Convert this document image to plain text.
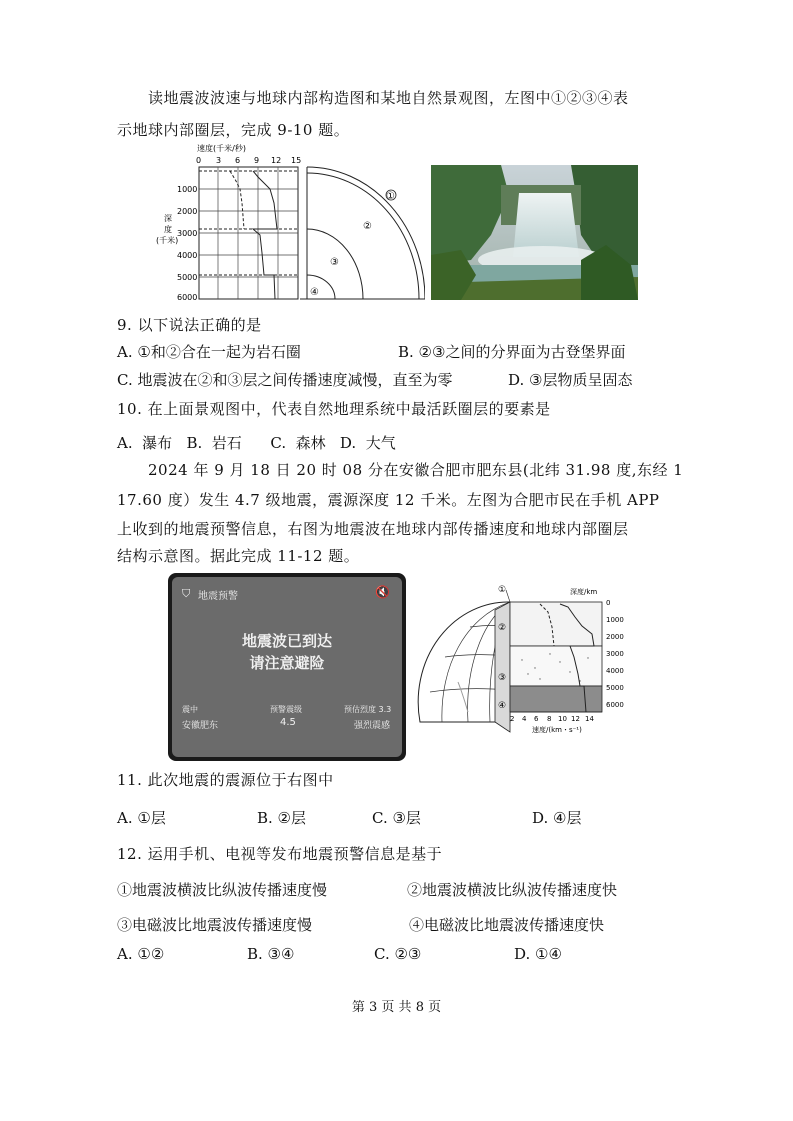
读地震波波速与地球内部构造图和某地自然景观图，左图中①②③④表
示地球内部圈层，完成 9-10 题。
速度(千米/秒)
0 3 6 9 12 15
1000
2000
3000
4000
5000
6000
深
度
(千米)
①
②
③
④
9. 以下说法正确的是
A. ①和②合在一起为岩石圈	B. ②③之间的分界面为古登堡界面
C. 地震波在②和③层之间传播速度减慢，直至为零	D. ③层物质呈固态
10. 在上面景观图中，代表自然地理系统中最活跃圈层的要素是
A.  瀑布   B.  岩石      C.  森林   D.  大气
2024 年 9 月 18 日 20 时 08 分在安徽合肥市肥东县(北纬 31.98 度,东经 1
17.60 度）发生 4.7 级地震，震源深度 12 千米。左图为合肥市民在手机 APP
上收到的地震预警信息，右图为地震波在地球内部传播速度和地球内部圈层
结构示意图。据此完成 11-12 题。
⛉ 地震预警	🔇
地震波已到达
请注意避险
震中
安徽肥东
预警震级
4.5
预估烈度 3.3
强烈震感
①
②
③
④
深度/km
0
1000
2000
3000
4000
5000
6000
2 4 6 8 10 12 14
速度/(km・s⁻¹)
11. 此次地震的震源位于右图中
A. ①层	B. ②层	C. ③层	D. ④层
12. 运用手机、电视等发布地震预警信息是基于
①地震波横波比纵波传播速度慢	②地震波横波比纵波传播速度快
③电磁波比地震波传播速度慢	④电磁波比地震波传播速度快
A. ①②	B. ③④	C. ②③	D. ①④
第 3 页 共 8 页
